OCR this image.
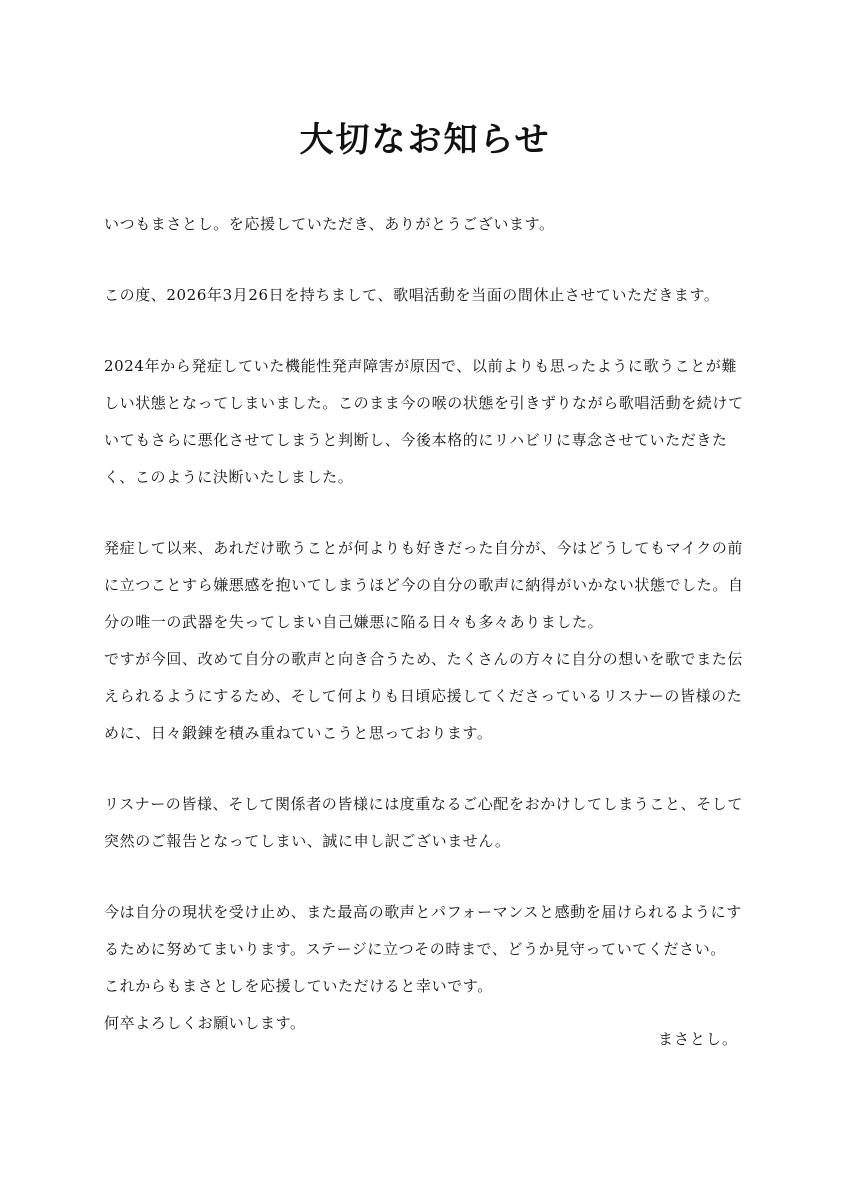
大切なお知らせ

いつもまさとし。を応援していただき、ありがとうございます。

この度、2026年3月26日を持ちまして、歌唱活動を当面の間休止させていただきます。

2024年から発症していた機能性発声障害が原因で、以前よりも思ったように歌うことが難
しい状態となってしまいました。このまま今の喉の状態を引きずりながら歌唱活動を続けて
いてもさらに悪化させてしまうと判断し、今後本格的にリハビリに専念させていただきた
く、このように決断いたしました。

発症して以来、あれだけ歌うことが何よりも好きだった自分が、今はどうしてもマイクの前
に立つことすら嫌悪感を抱いてしまうほど今の自分の歌声に納得がいかない状態でした。自
分の唯一の武器を失ってしまい自己嫌悪に陥る日々も多々ありました。
ですが今回、改めて自分の歌声と向き合うため、たくさんの方々に自分の想いを歌でまた伝
えられるようにするため、そして何よりも日頃応援してくださっているリスナーの皆様のた
めに、日々鍛錬を積み重ねていこうと思っております。

リスナーの皆様、そして関係者の皆様には度重なるご心配をおかけしてしまうこと、そして
突然のご報告となってしまい、誠に申し訳ございません。

今は自分の現状を受け止め、また最高の歌声とパフォーマンスと感動を届けられるようにす
るために努めてまいります。ステージに立つその時まで、どうか見守っていてください。
これからもまさとしを応援していただけると幸いです。
何卒よろしくお願いします。

まさとし。
